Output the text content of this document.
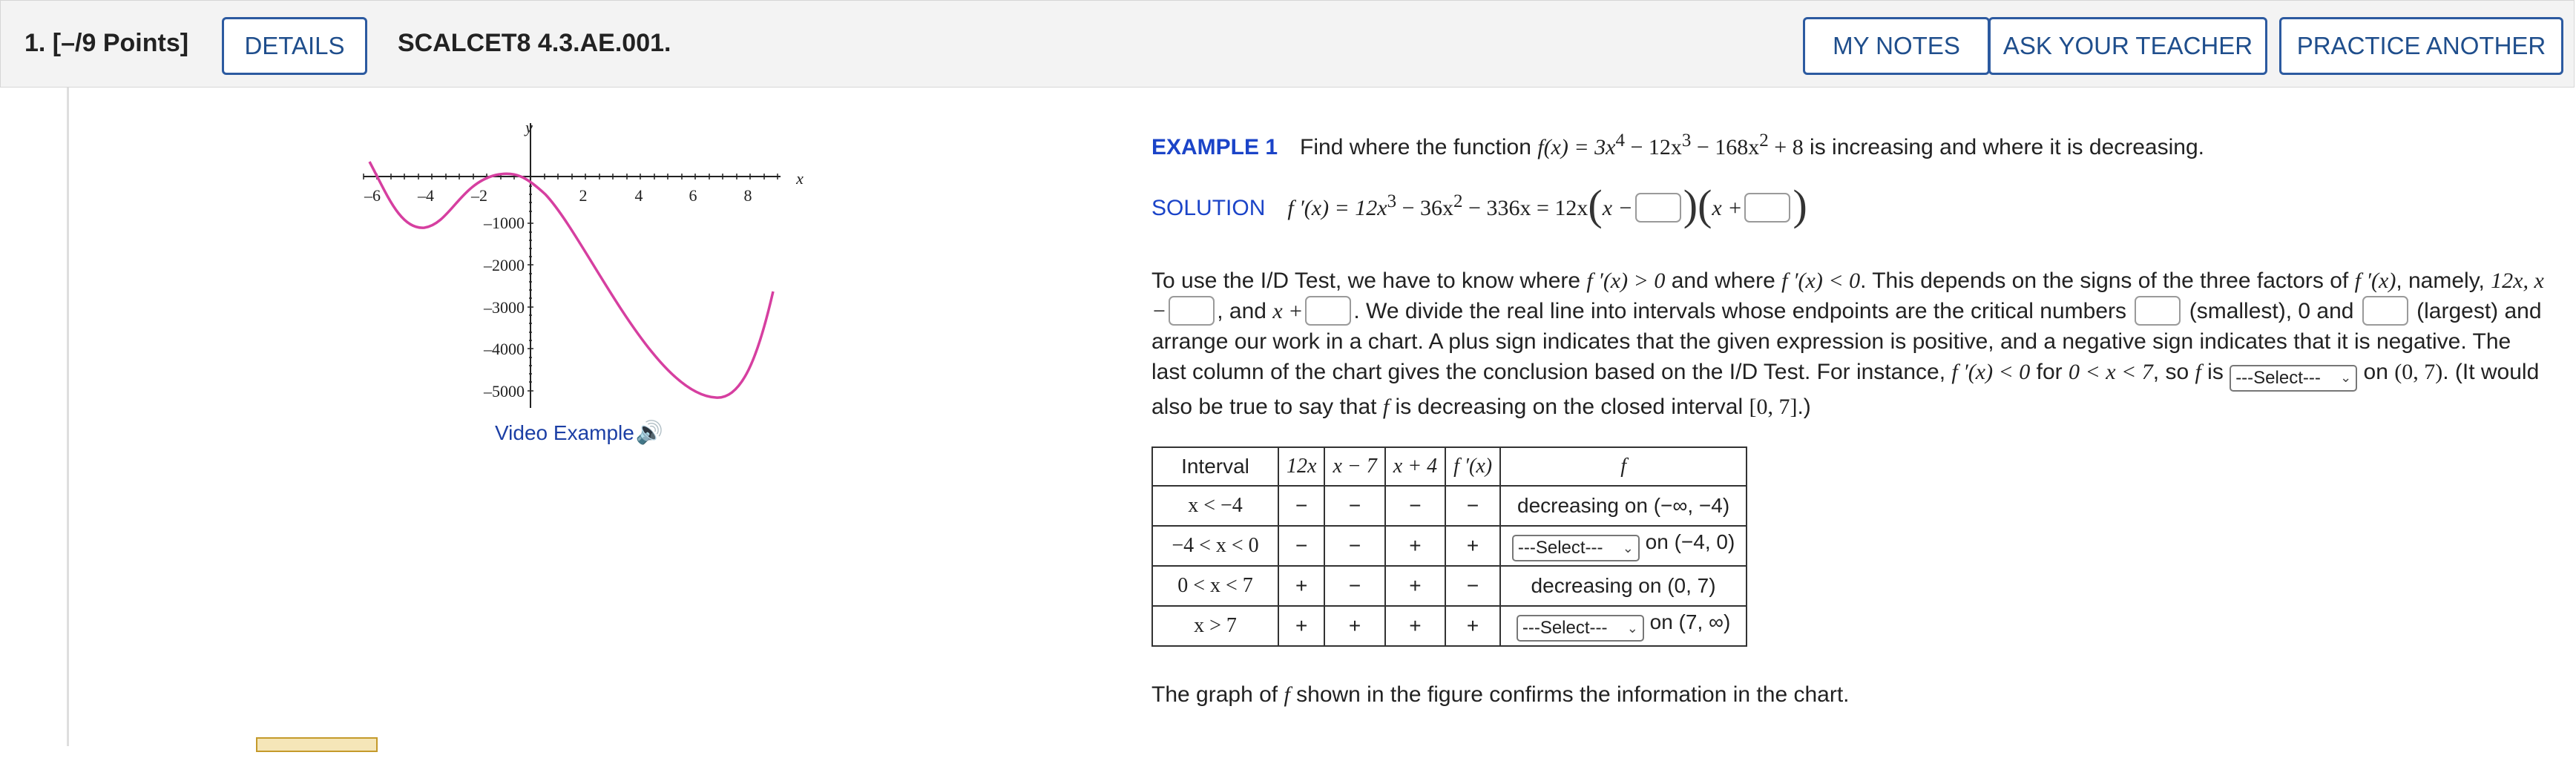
1. [–/9 Points]	DETAILS	SCALCET8 4.3.AE.001.	MY NOTES	ASK YOUR TEACHER	PRACTICE ANOTHER
y
x
–6 –4 –2	2	4	6	8
–1000
–2000
–3000
–4000
–5000
Video Example🔊

EXAMPLE 1 Find where the function $f(x) = 3x^4 - 12x^3 - 168x^2 + 8$ is increasing and where it is decreasing.
SOLUTION f $'(x) = 12x^3 - 36x^2 - 336x = 12x(x - )(x$ + )
To use the I/D Test, we have to know where f ′(x) > 0 and where f ′(x) < 0. This depends on the signs of the three factors of f ′(x), namely, 12x, x − , and x + . We divide the real line into intervals whose endpoints are the critical numbers  (smallest), 0 and  (largest) and arrange our work in a chart. A plus sign indicates that the given expression is positive, and a negative sign indicates that it is negative. The last column of the chart gives the conclusion based on the I/D Test. For instance, f ′(x) < 0 for 0 < x < 7, so f is ---Select--- ⌄ on (0, 7). (It would also be true to say that f is decreasing on the closed interval [0, 7].)
Interval	12x	x − 7	x + 4	f ′(x)	f
x < −4	−	−	−	−	decreasing on (−∞, −4)
−4 < x < 0	−	−	+	+	---Select--- ⌄ on (−4, 0)
0 < x < 7	+	−	+	−	decreasing on (0, 7)
x > 7	+	+	+	+	---Select--- ⌄ on (7, ∞)
The graph of f shown in the figure confirms the information in the chart.
